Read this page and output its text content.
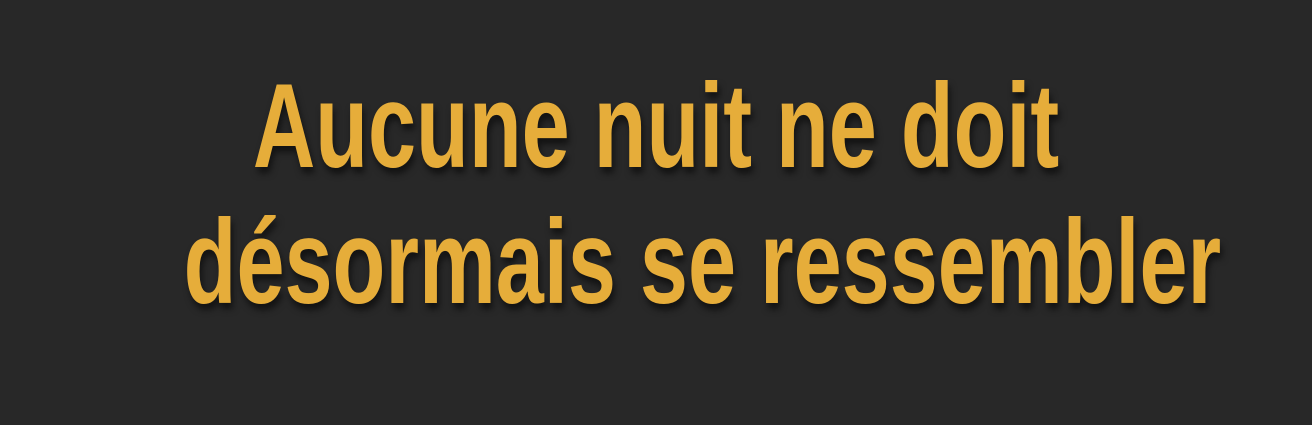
Aucune nuit ne doit
désormais se ressembler
